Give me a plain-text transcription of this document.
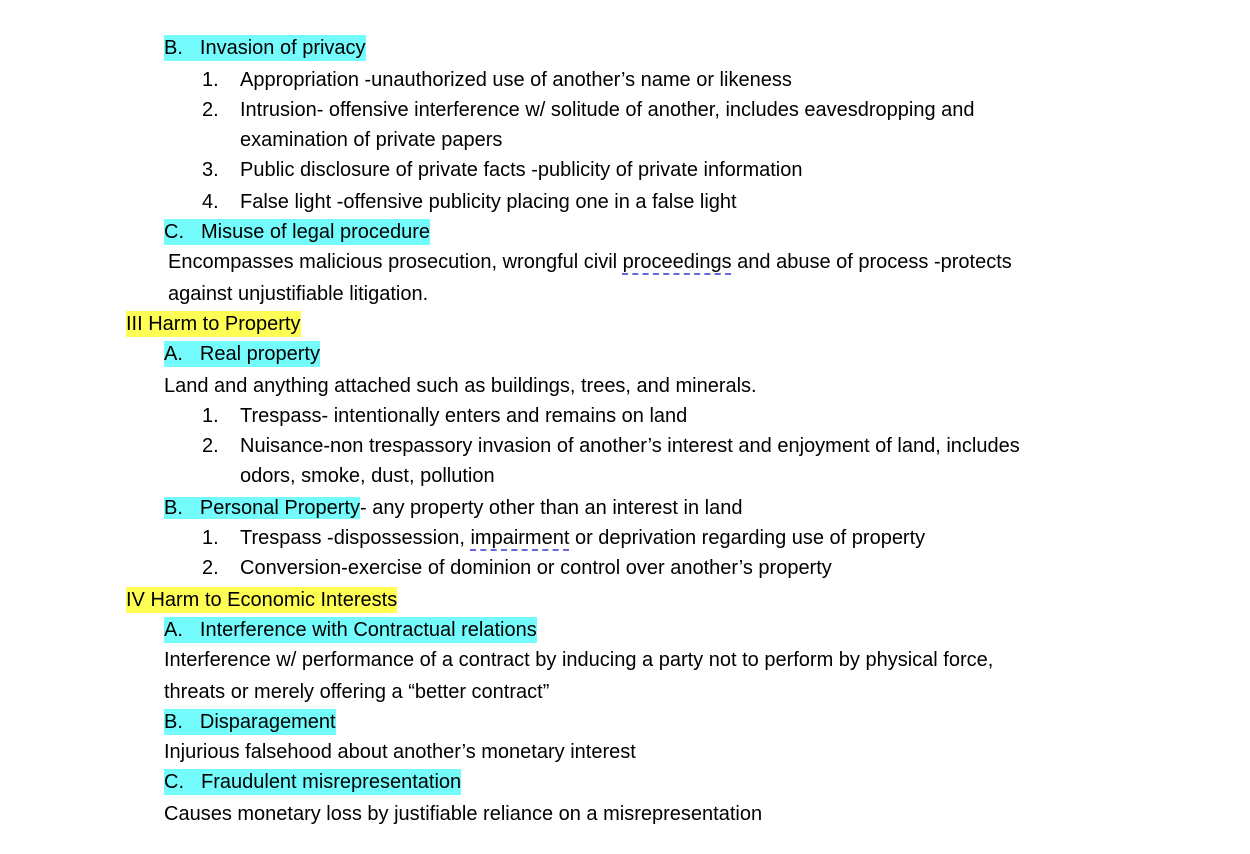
B. Invasion of privacy
1. Appropriation -unauthorized use of another’s name or likeness
2. Intrusion- offensive interference w/ solitude of another, includes eavesdropping and
examination of private papers
3. Public disclosure of private facts -publicity of private information
4. False light -offensive publicity placing one in a false light
C. Misuse of legal procedure
Encompasses malicious prosecution, wrongful civil proceedings and abuse of process -protects
against unjustifiable litigation.
III Harm to Property
A. Real property
Land and anything attached such as buildings, trees, and minerals.
1. Trespass- intentionally enters and remains on land
2. Nuisance-non trespassory invasion of another’s interest and enjoyment of land, includes
odors, smoke, dust, pollution
B. Personal Property- any property other than an interest in land
1. Trespass -dispossession, impairment or deprivation regarding use of property
2. Conversion-exercise of dominion or control over another’s property
IV Harm to Economic Interests
A. Interference with Contractual relations
Interference w/ performance of a contract by inducing a party not to perform by physical force,
threats or merely offering a “better contract”
B. Disparagement
Injurious falsehood about another’s monetary interest
C. Fraudulent misrepresentation
Causes monetary loss by justifiable reliance on a misrepresentation
